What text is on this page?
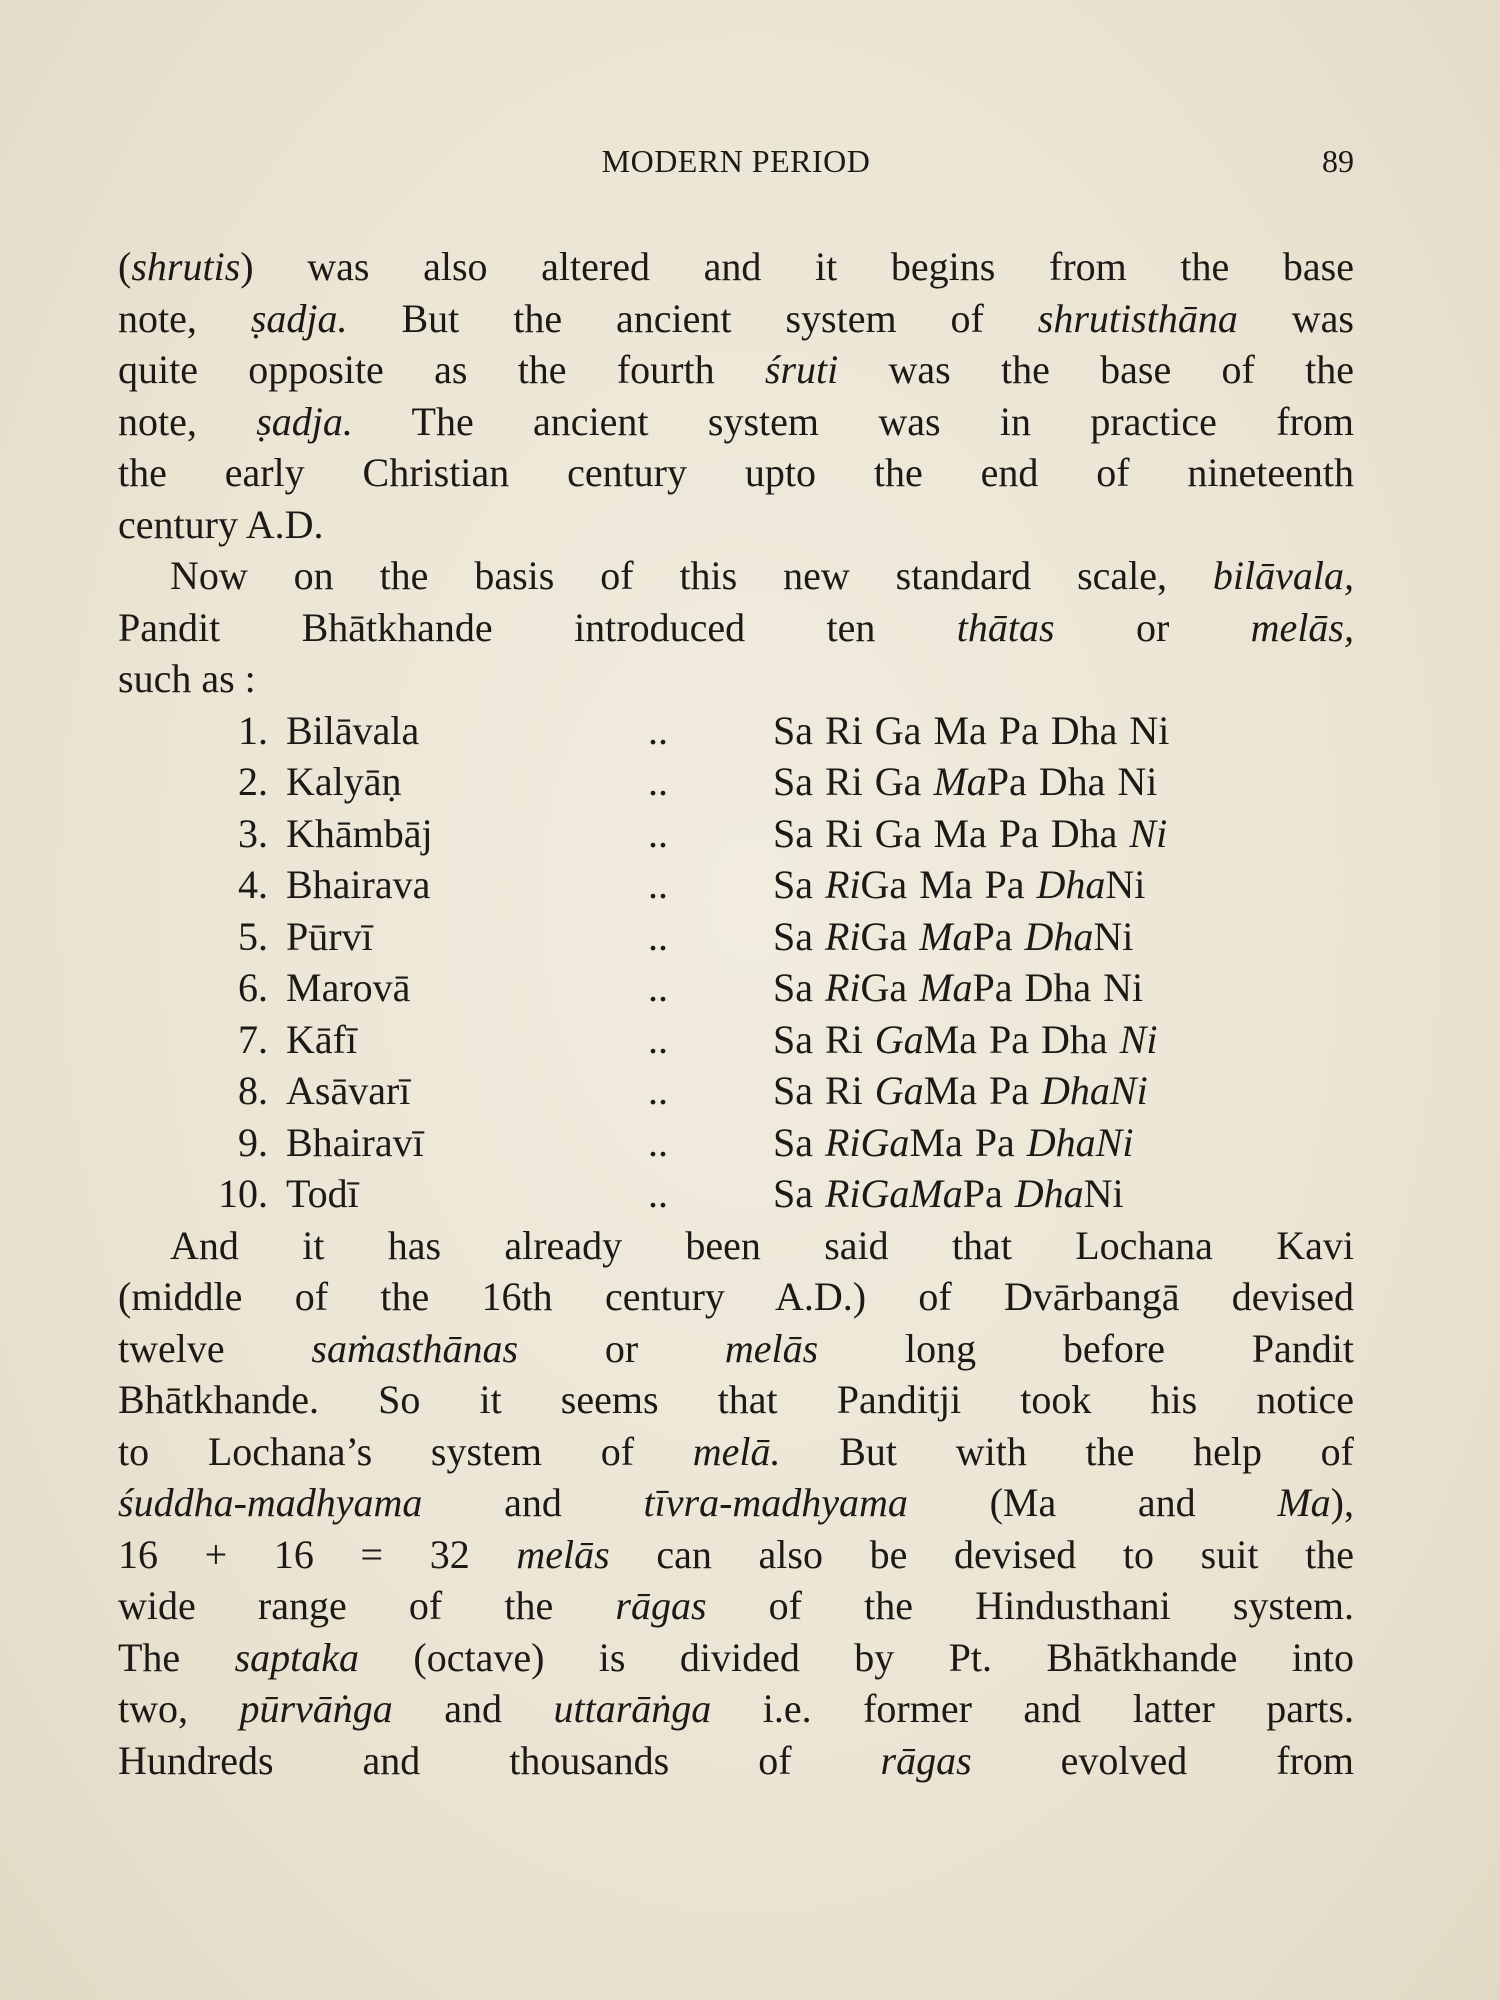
MODERN PERIOD	89
(shrutis) was also altered and it begins from the base
note, ṣadja. But the ancient system of shrutisthāna was
quite opposite as the fourth śruti was the base of the
note, ṣadja. The ancient system was in practice from
the early Christian century upto the end of nineteenth
century A.D.
Now on the basis of this new standard scale, bilāvala,
Pandit Bhātkhande introduced ten thātas or melās,
such as :
1. Bilāvala	..	Sa Ri Ga Ma Pa Dha Ni
2. Kalyāṇ	..	Sa Ri Ga MaPa Dha Ni
3. Khāmbāj	..	Sa Ri Ga Ma Pa Dha Ni
4. Bhairava	..	Sa RiGa Ma Pa DhaNi
5. Pūrvī	..	Sa RiGa MaPa DhaNi
6. Marovā	..	Sa RiGa MaPa Dha Ni
7. Kāfī	..	Sa Ri GaMa Pa Dha Ni
8. Asāvarī	..	Sa Ri GaMa Pa DhaNi
9. Bhairavī	..	Sa RiGaMa Pa DhaNi
10. Todī	..	Sa RiGaMaPa DhaNi
And it has already been said that Lochana Kavi
(middle of the 16th century A.D.) of Dvārbangā devised
twelve saṁasthānas or melās long before Pandit
Bhātkhande. So it seems that Panditji took his notice
to Lochana’s system of melā. But with the help of
śuddha-madhyama and tīvra-madhyama (Ma and Ma),
16 + 16 = 32 melās can also be devised to suit the
wide range of the rāgas of the Hindusthani system.
The saptaka (octave) is divided by Pt. Bhātkhande into
two, pūrvāṅga and uttarāṅga i.e. former and latter parts.
Hundreds and thousands of rāgas evolved from
